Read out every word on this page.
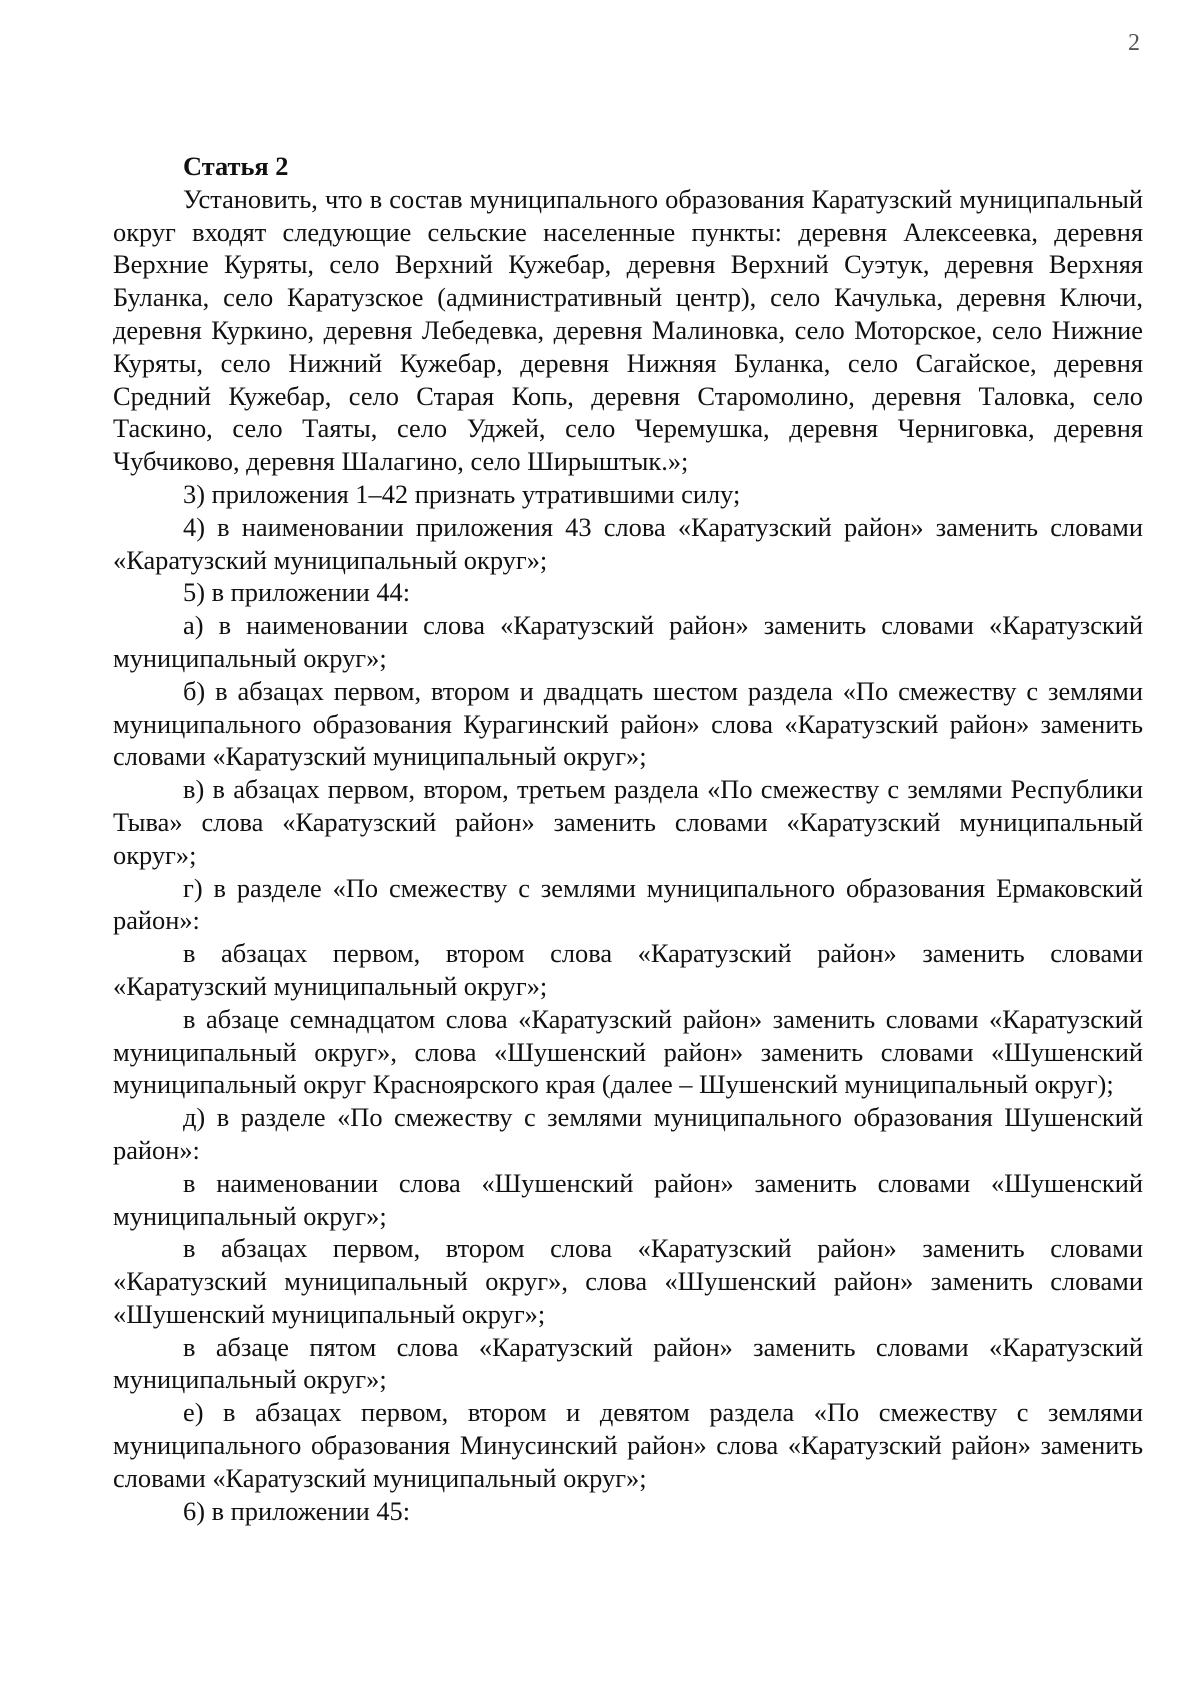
2

Статья 2

Установить, что в состав муниципального образования Каратузский муниципальный округ входят следующие сельские населенные пункты: деревня Алексеевка, деревня Верхние Куряты, село Верхний Кужебар, деревня Верхний Суэтук, деревня Верхняя Буланка, село Каратузское (административный центр), село Качулька, деревня Ключи, деревня Куркино, деревня Лебедевка, деревня Малиновка, село Моторское, село Нижние Куряты, село Нижний Кужебар, деревня Нижняя Буланка, село Сагайское, деревня Средний Кужебар, село Старая Копь, деревня Старомолино, деревня Таловка, село Таскино, село Таяты, село Уджей, село Черемушка, деревня Черниговка, деревня Чубчиково, деревня Шалагино, село Ширыштык.»;

3) приложения 1–42 признать утратившими силу;

4) в наименовании приложения 43 слова «Каратузский район» заменить словами «Каратузский муниципальный округ»;

5) в приложении 44:

а) в наименовании слова «Каратузский район» заменить словами «Каратузский муниципальный округ»;

б) в абзацах первом, втором и двадцать шестом раздела «По смежеству с землями муниципального образования Курагинский район» слова «Каратузский район» заменить словами «Каратузский муниципальный округ»;

в) в абзацах первом, втором, третьем раздела «По смежеству с землями Республики Тыва» слова «Каратузский район» заменить словами «Каратузский муниципальный округ»;

г) в разделе «По смежеству с землями муниципального образования Ермаковский район»:

в абзацах первом, втором слова «Каратузский район» заменить словами «Каратузский муниципальный округ»;

в абзаце семнадцатом слова «Каратузский район» заменить словами «Каратузский муниципальный округ», слова «Шушенский район» заменить словами «Шушенский муниципальный округ Красноярского края (далее – Шушенский муниципальный округ);

д) в разделе «По смежеству с землями муниципального образования Шушенский район»:

в наименовании слова «Шушенский район» заменить словами «Шушенский муниципальный округ»;

в абзацах первом, втором слова «Каратузский район» заменить словами «Каратузский муниципальный округ», слова «Шушенский район» заменить словами «Шушенский муниципальный округ»;

в абзаце пятом слова «Каратузский район» заменить словами «Каратузский муниципальный округ»;

е) в абзацах первом, втором и девятом раздела «По смежеству с землями муниципального образования Минусинский район» слова «Каратузский район» заменить словами «Каратузский муниципальный округ»;

6) в приложении 45:
